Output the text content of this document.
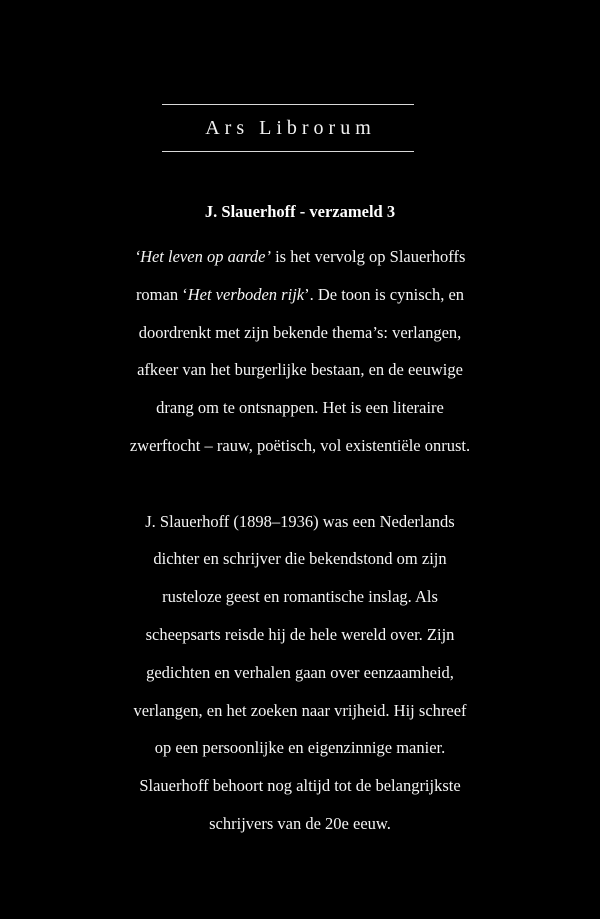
Ars Librorum
J. Slauerhoff - verzameld 3
‘Het leven op aarde’ is het vervolg op Slauerhoffs
roman ‘Het verboden rijk’. De toon is cynisch, en
doordrenkt met zijn bekende thema’s: verlangen,
afkeer van het burgerlijke bestaan, en de eeuwige
drang om te ontsnappen. Het is een literaire
zwerftocht – rauw, poëtisch, vol existentiële onrust.
J. Slauerhoff (1898–1936) was een Nederlands
dichter en schrijver die bekendstond om zijn
rusteloze geest en romantische inslag. Als
scheepsarts reisde hij de hele wereld over. Zijn
gedichten en verhalen gaan over eenzaamheid,
verlangen, en het zoeken naar vrijheid. Hij schreef
op een persoonlijke en eigenzinnige manier.
Slauerhoff behoort nog altijd tot de belangrijkste
schrijvers van de 20e eeuw.
